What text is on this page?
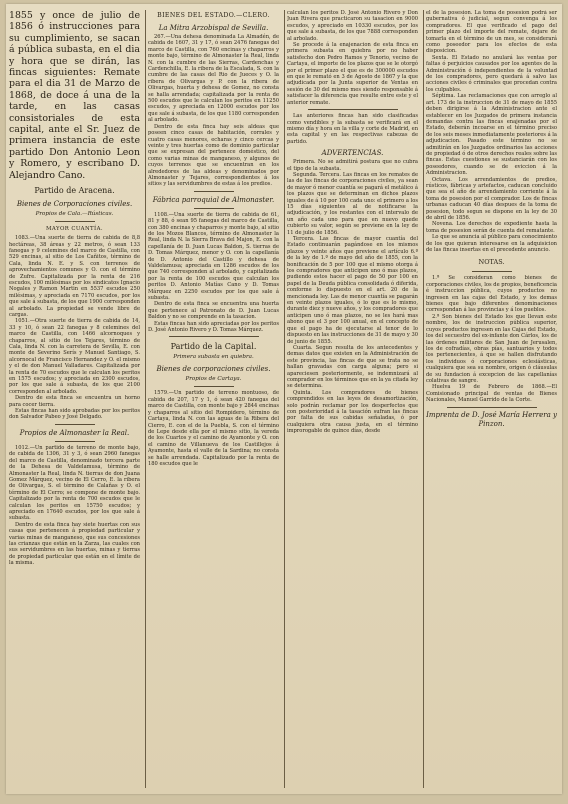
1855 y once de julio de 1856 ó instrucciones para su cumplimiento, se sacan á pública subasta, en el dia y hora que se dirán, las fincas siguientes: Remate para el dia 31 de Marzo de 1868, de doce á una de la tarde, en las casas consistoriales de esta capital, ante el Sr. Juez de primera instancia de este partido Don Antonio Leon y Romero, y escribano D. Alejandro Cano.

Partido de Aracena.
Bienes de Corporaciones civiles.
Propios de Cala.—Rústicas.
MAYOR CUANTÍA.

1083.—Una suerte de tierra de cabida de 8,8 hectáreas, 38 áreas y 22 metros, ó sean 133 fanegas y 9 celemines del marco de Castilla, con 529 encinas, al sitio de Los Cañitos, término de Cala, linda N. E. y S. con terrenos de aprovechamientos comunes y O. con el término de Zufre. Capitalizada por la renta de 216 escudos, 100 milésimas por los sindicatos Ignacio Nogales y Ramon Martin en 5537 escudos 250 milésimas, y apreciada en 7170 escudos, por los que sale á subasta, de los que 1900 corresponden al arbolado. La propiedad se vende libre de cargas.

1051.—Otra suerte de tierra de cabida de 14, 33 y 10, ó sean 22 fanegas y 8 celemines del marco de Castilla, con 1466 alcornoques y chaparros, al sitio de los Tejares, término de Cala, linda N. con la carretera de Sevilla, E. con monte de Severino Serís y Manuel Santiago, S. alcornocal de Francisco Hernandez y O. el mismo y el de don Manuel Valladares. Capitalizada por la renta de 70 escudos que le calculan los peritos en 1575 escudos; y apreciada en 2300 escudos, por los que sale á subasta, de los que 2100 corresponden al arbolado.

Dentro de esta finca se encuentra un horno para cocer tierra.

Estas fincas han sido aprobadas por los peritos don Salvador Pabeo y José Delgado.

Propios de Almonaster la Real.

1012.—Un partido de terreno de monte bajo, de cabida de 1306, 31 y 3, ó sean 2960 fanegas del marco de Castilla, denominado tercera parte de la Dehesa de Valdelamusa, término de Almonaster la Real, linda N. tierras de don Juana Gomez Márquez, vecino de El Cerro, E. la ribera de Olivargas, S. el término de Calañas y O. el término de El Cerro; se compone de monte bajo. Capitalizado por la renta de 700 escudos que le calculan los peritos en 15750 escudos; y apreciado en 17640 escudos, por los que sale á subasta.

Dentro de esta finca hay siete huertas con sus casas que pertenecen á propiedad particular y varias minas de manganeso, que sus concesiones las crianzas que están en la Zarza, las cuales con sus servidumbres en las huertas, minas y tierras de propiedad particular que están en el límite de la misma.

BIENES DEL ESTADO.—CLERO.
La Mitra Arzobispal de Sevilla.

267.—Una dehesa denominada La Almadén, de cabida de 1607, 31 y 17, ó sean 2476 fanegas del marco de Castilla, con 760 encinas y chaparros y monte bajo, término de Almonaster la Real, linda N. con la cumbre de las Sierras, Cardenchas y Cardenchilla, E. la ribera de la Escalada, S. con la cumbre de las casas del Rio de Jueces y O. la ribera de Olivargas y P. con la ribera de Olivargas, huerta y dehesa de Gomez, no consta se halla arrendada; capitalizada por la renta de 500 escudos que le calculan los peritos en 11250 escudos, y apreciada en 12000 escudos por los que sale á subasta, de los que 1180 corresponden al arbolado.

Dentro de esta finca hay seis aldeas que poseen cinco casas de habitación, corrales y cuatro casas menores, echaras y cinco cercas y veinte y tres huertas como de dominio particular que se expresan del pertenece doméstico, del como varias minas de manganeso, y algunos de cuyos terrenos que se encuentran en los alrededores de las aldeas y denominados por Almonaster y Tejares, correspondientes á los sitios y las servidumbres de estas á los predios.

Fábrica parroquial de Almonaster.

1108.—Una suerte de tierra de cabida de 61, 81 y 88, ó sean 95 fanegas del marco de Castilla, con 380 encinas y chaparros y monte bajo, al sitio de los Mozos Blancos, término de Almonaster la Real, linda N. la Sierra Brava del Majon, E. con la capellanía de D. Juan Lucas Baldon, S. tierras de D. Tomas Márquez, menor y O. con la capellanía de D. Antonio del Castillo y dehesa de Valdelamusa; apreciada en 1286 escudos de los que 740 corresponden al arbolado, y capitalizada por la renta de 100 escudos que calculan los peritos D. Antonio Matías Cano y D. Tomas Márquez en 2250 escudos por los que sale á subasta.

Dentro de esta finca se encuentra una huerta que pertenece al Patronato de D. Juan Lucas Baldon y no se comprende en la tasacion.

Estas fincas han sido apreciadas por los peritos D. José Antonio Rivero y D. Tomas Márquez.

Partido de la Capital.
Primera subasta en quiebra.
Bienes de corporaciones civiles.
Propios de Cartaya.

1579.—Un partido de terreno montuoso, de cabida de 207, 17 y 1, ó sean 420 fanegas del marco de Castilla, con monte bajo y 2844 encinas y chaparros al sitio del Rompidero, término de Cartaya, linda N. con las aguas de la Ribera del Cierro, E. con el de la Puebla, S. con el término de Lepe desde ella por el mismo sitio, la vereda de los Cuartos y el camino de Ayamonte y O. con el camino de Villanueva de los Castillejos á Ayamonte, hasta el valle de la Sardina; no consta se halle arrendada. Capitalizado por la renta de 180 escudos que le

calculan los peritos D. José Antonio Rivero y Don Juan Rivera que practicaron su tasacion en 9000 escudos, y apreciado en 10330 escudos, por los que sale á subasta, de los que 7888 corresponden al arbolado.

Se procede á la enajenacion de esta finca en primera subasta en quiebra por no haber satisfecho don Pedro Ramos y Tenorio, vecino de Cartaya, el importe de los plazos que se le otorgó por el primer plazo el que es de 300000 escudos en que le remató en 3 de Agosto de 1867 y la que adjudicada por la Junta superior de Ventas en sesión de 30 del mismo mes siendo responsable á satisfacer la diferencia que resulte entre este y el anterior remate.

Las anteriores fincas han sido clasificadas como vendibles y la subasta se verificará en el mismo día y hora en la villa y corte de Madrid, en esta capital y en las respectivas cabezas de partido.

ADVERTENCIAS.

Primera. No se admitirá postura que no cubra el tipo de la subasta.

Segunda. Tercera. Las fincas en los remates de las de las fincas de corporaciones civiles, ya sean de mayor ó menor cuantía se pagará el metálico á los plazos que se determinan en dichos plazos iguales de á 10 por 100 cada uno: el primero a los 15 días siguientes al de notificarse la adjudicación, y los restantes con el intervalo de un año cada uno para que en nuevo quede cubierto su valor, según se previene en la ley de 11 de julio de 1856.

Tercera. Las fincas de mayor cuantía del Estado continuarán pagándose en los mismos plazos y veinte años que previene el artículo 6.º de la ley de 1.º de mayo del año de 1855, con la bonificación de 5 por 100 que el mismo otorga á los compradores que anticipen uno ó mas plazos, pudiendo estos hacer el pago de 50 por 100 en papel de la Deuda pública consolidada ó diferida, conforme lo dispuesto en el art. 20 de la mencionada ley. Las de menor cuantía se pagarán en veinte plazos iguales, ó lo que es lo mismo, durante diez y nueve años, y los compradores que anticipen uno ó mas plazos, no se les hará mas abono que el 3 por 100 anual, en el concepto de que el pago ha de ejecutarse al tenor de lo dispuesto en las instrucciones de 31 de mayo y 30 de junio de 1855.

Cuarta. Segun resulta de los antecedentes y demas datos que existen en la Administración de este provincia, las fincas de que se trata no se hallan gravadas con carga alguna; pero si apareciesen posteriormente, se indemnizará al comprador en los términos que en la ya citada ley se determina.

Quinta. Los compradores de bienes comprendidos en las leyes de desamortización, solo podrán reclamar por los desperfectos que con posterioridad á la tasación sufran las fincas por falta de sus cabidas señaladas, ó por cualquiera otra causa justa, en el término improrogable de quince días, desde

el de la posesion. La toma de posesion podrá ser gubernativa ó judicial, segun convenga á los compradores. El que verificado el pago del primer plazo del importe del remate, dejare de tomarla en el término de un mes, se considerará como poseedor para los efectos de esta disposicion.

Sexta. El Estado no anulará las ventas por faltas ó perjuicios causados por los agentes de la Administración ó independientes de la voluntad de los compradores, pero quedará á salvo las acciones civiles ó criminales que procedan contra los culpables.

Séptima. Las reclamaciones que con arreglo al art. 173 de la instruccion de 31 de mayo de 1855 deben dirigirse á la Administracion ante el establecer en los Juzgados de primera instancia demandas contra las fincas enajenadas por el Estado, deberán incoarse en el término preciso de los seis meses inmediatamente posteriores á la adjudicacion. Pasado este término no se admitirán en los Juzgados ordinarios las acciones de propiedad ó de otros derechos reales sobre las fincas. Estas cuestiones se sustanciarán con los poseedores, cuando se de eviccion á la Administracion.

Octava. Los arrendamientos de predios, rústicos, fábricas y artefactos, caducan concluido que sea el año de arrendamiento corriente á la toma de posesion por el comprador. Los de fincas urbanas caducan 40 días despues de la toma de posesion, todo segun se dispone en la ley de 30 de abril de 1856.

Novena. Los derechos de expediente hasta la toma de posesion serán de cuenta del rematante.

Lo que se anuncia al público para conocimiento de los que quieran interesarse en la adquisicion de las fincas insertas en el precedente anuncio.

NOTAS.

1.ª Se consideran como bienes de corporaciones civiles, los de propios, beneficencia é instruccion pública, cuyos productos no ingresen en las cajas del Estado, y los demas bienes que bajo diferentes denominaciones correspondan á las provincias y á los pueblos.

2.ª Son bienes del Estado los que llevan este nombre, los de instruccion pública superior, cuyos productos ingresen en las Cajas del Estado, los del secuestro del ex-infante don Cárlos, los de las órdenes militares de San Juan de Jerusalen, los de cofradías, obras pías, santuarios y todos los pertenecientes, á que se hallen disfrutando los individuos ó corporaciones eclesiásticas, cualquiera que sea su nombre, origen ó cláusulas de su fundacion á excepcion de las capellanías colativas de sangre.

Huelva 19 de Febrero de 1868.—El Comisionado principal de ventas de Bienes Nacionales, Manuel Garrido de la Corte.

Imprenta de D. José María Herrera y Pinzon.
